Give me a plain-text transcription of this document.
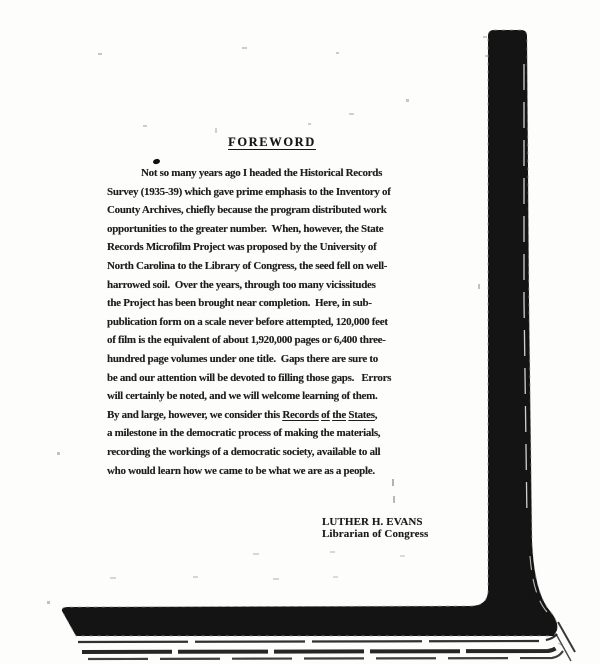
FOREWORD
Not so many years ago I headed the Historical Records
Survey (1935-39) which gave prime emphasis to the Inventory of
County Archives, chiefly because the program distributed work
opportunities to the greater number.  When, however, the State
Records Microfilm Project was proposed by the University of
North Carolina to the Library of Congress, the seed fell on well-
harrowed soil.  Over the years, through too many vicissitudes
the Project has been brought near completion.  Here, in sub-
publication form on a scale never before attempted, 120,000 feet
of film is the equivalent of about 1,920,000 pages or 6,400 three-
hundred page volumes under one title.  Gaps there are sure to
be and our attention will be devoted to filling those gaps.   Errors
will certainly be noted, and we will welcome learning of them.
By and large, however, we consider this Records of the States,
a milestone in the democratic process of making the materials,
recording the workings of a democratic society, available to all
who would learn how we came to be what we are as a people.
LUTHER H. EVANS
Librarian of Congress
